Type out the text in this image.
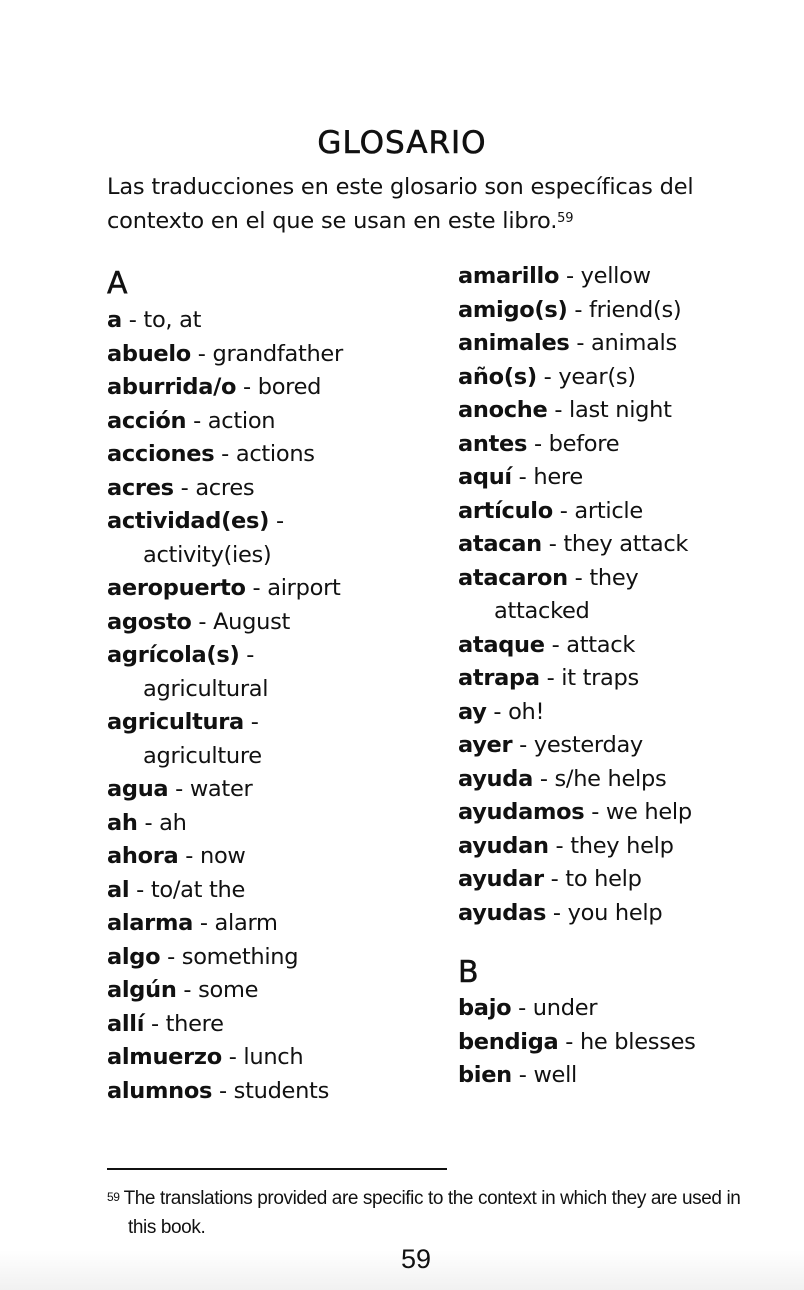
GLOSARIO

Las traducciones en este glosario son específicas del contexto en el que se usan en este libro.$^{59}$

A
a - to, at
abuelo - grandfather
aburrida/o - bored
acción - action
acciones - actions
acres - acres
actividad(es) -
activity(ies)
aeropuerto - airport
agosto - August
agrícola(s) -
agricultural
agricultura -
agriculture
agua - water
ah - ah
ahora - now
al - to/at the
alarma - alarm
algo - something
algún - some
allí - there
almuerzo - lunch
alumnos - students
amarillo - yellow
amigo(s) - friend(s)
animales - animals
año(s) - year(s)
anoche - last night
antes - before
aquí - here
artículo - article
atacan - they attack
atacaron - they
attacked
ataque - attack
atrapa - it traps
ay - oh!
ayer - yesterday
ayuda - s/he helps
ayudamos - we help
ayudan - they help
ayudar - to help
ayudas - you help
B
bajo - under
bendiga - he blesses
bien - well

$^{59}$ The translations provided are specific to the context in which they are used in this book.

59
